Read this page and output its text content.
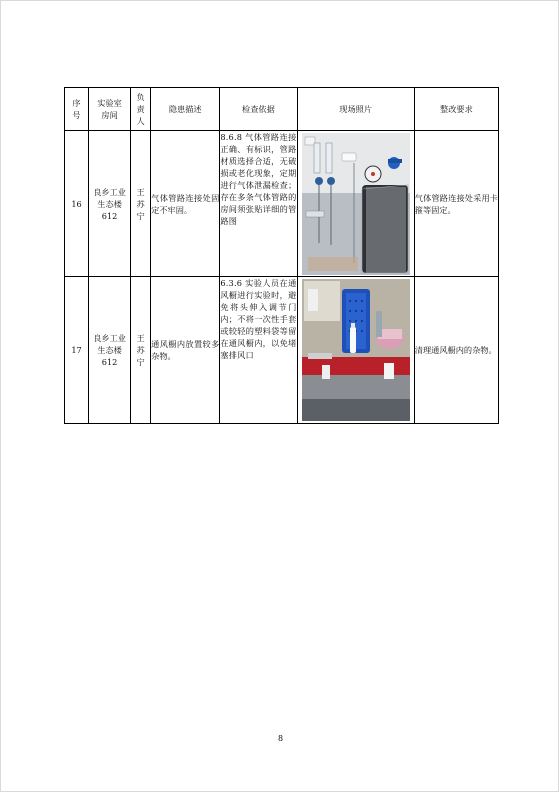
序号	实验室房间	负责人	隐患描述	检查依据	现场照片	整改要求
16	良乡工业生态楼 612	王苏宁	气体管路连接处固定不牢固。	8.6.8 气体管路连接正确、有标识，管路材质选择合适，无破损或老化现象，定期进行气体泄漏检查；存在多条气体管路的房间须张贴详细的管路图		气体管路连接处采用卡箍等固定。
17	良乡工业生态楼 612	王苏宁	通风橱内放置较多杂物。	6.3.6 实验人员在通风橱进行实验时，避免将头伸入调节门内；不将一次性手套或较轻的塑料袋等留在通风橱内，以免堵塞排风口		清理通风橱内的杂物。
8
